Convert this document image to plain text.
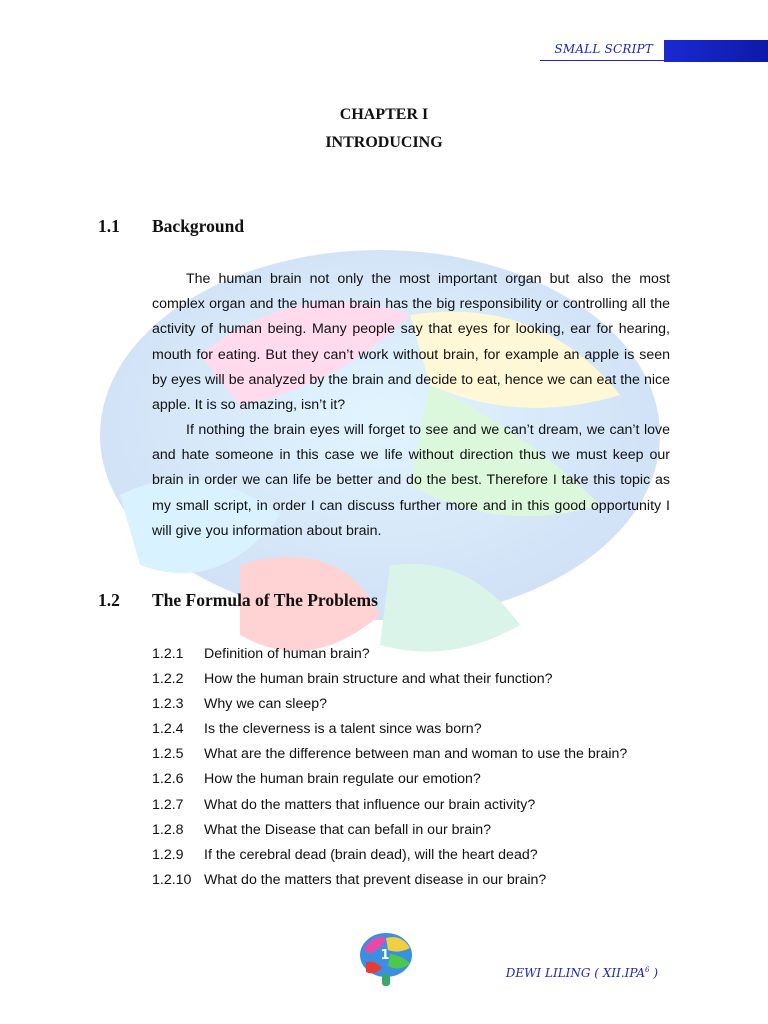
SMALL SCRIPT
CHAPTER I
INTRODUCING
1.1 Background

The human brain not only the most important organ but also the most complex organ and the human brain has the big responsibility or controlling all the activity of human being. Many people say that eyes for looking, ear for hearing, mouth for eating. But they can’t work without brain, for example an apple is seen by eyes will be analyzed by the brain and decide to eat, hence we can eat the nice apple. It is so amazing, isn’t it?

If nothing the brain eyes will forget to see and we can’t dream, we can’t love and hate someone in this case we life without direction thus we must keep our brain in order we can life be better and do the best. Therefore I take this topic as my small script, in order I can discuss further more and in this good opportunity I will give you information about brain.

1.2 The Formula of The Problems
1.2.1 Definition of human brain?
1.2.2 How the human brain structure and what their function?
1.2.3 Why we can sleep?
1.2.4 Is the cleverness is a talent since was born?
1.2.5 What are the difference between man and woman to use the brain?
1.2.6 How the human brain regulate our emotion?
1.2.7 What do the matters that influence our brain activity?
1.2.8 What the Disease that can befall in our brain?
1.2.9 If the cerebral dead (brain dead), will the heart dead?
1.2.10 What do the matters that prevent disease in our brain?
1
DEWI LILING ( XII.IPA$^6$ )
